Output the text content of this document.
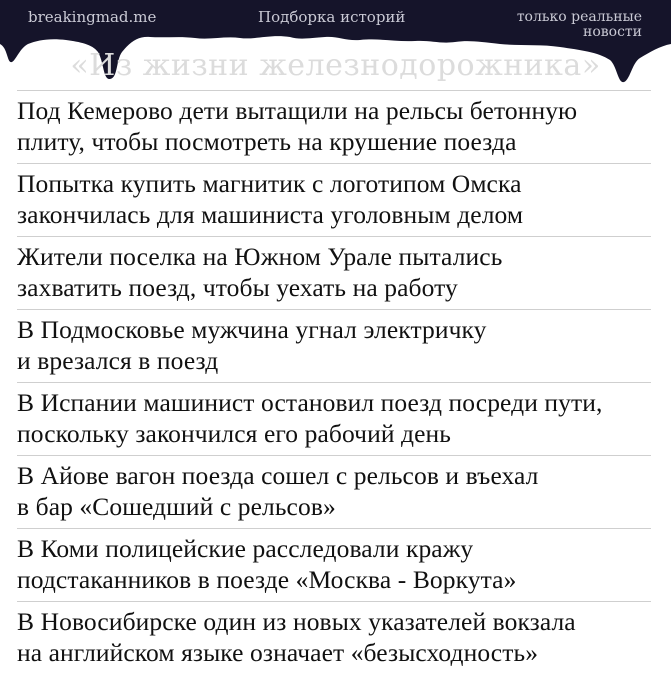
breakingmad.me	Подборка историй	только реальные
новости
«Из жизни железнодорожника»
Под Кемерово дети вытащили на рельсы бетонную
плиту, чтобы посмотреть на крушение поезда
Попытка купить магнитик с логотипом Омска
закончилась для машиниста уголовным делом
Жители поселка на Южном Урале пытались
захватить поезд, чтобы уехать на работу
В Подмосковье мужчина угнал электричку
и врезался в поезд
В Испании машинист остановил поезд посреди пути,
поскольку закончился его рабочий день
В Айове вагон поезда сошел с рельсов и въехал
в бар «Сошедший с рельсов»
В Коми полицейские расследовали кражу
подстаканников в поезде «Москва - Воркута»
В Новосибирске один из новых указателей вокзала
на английском языке означает «безысходность»
